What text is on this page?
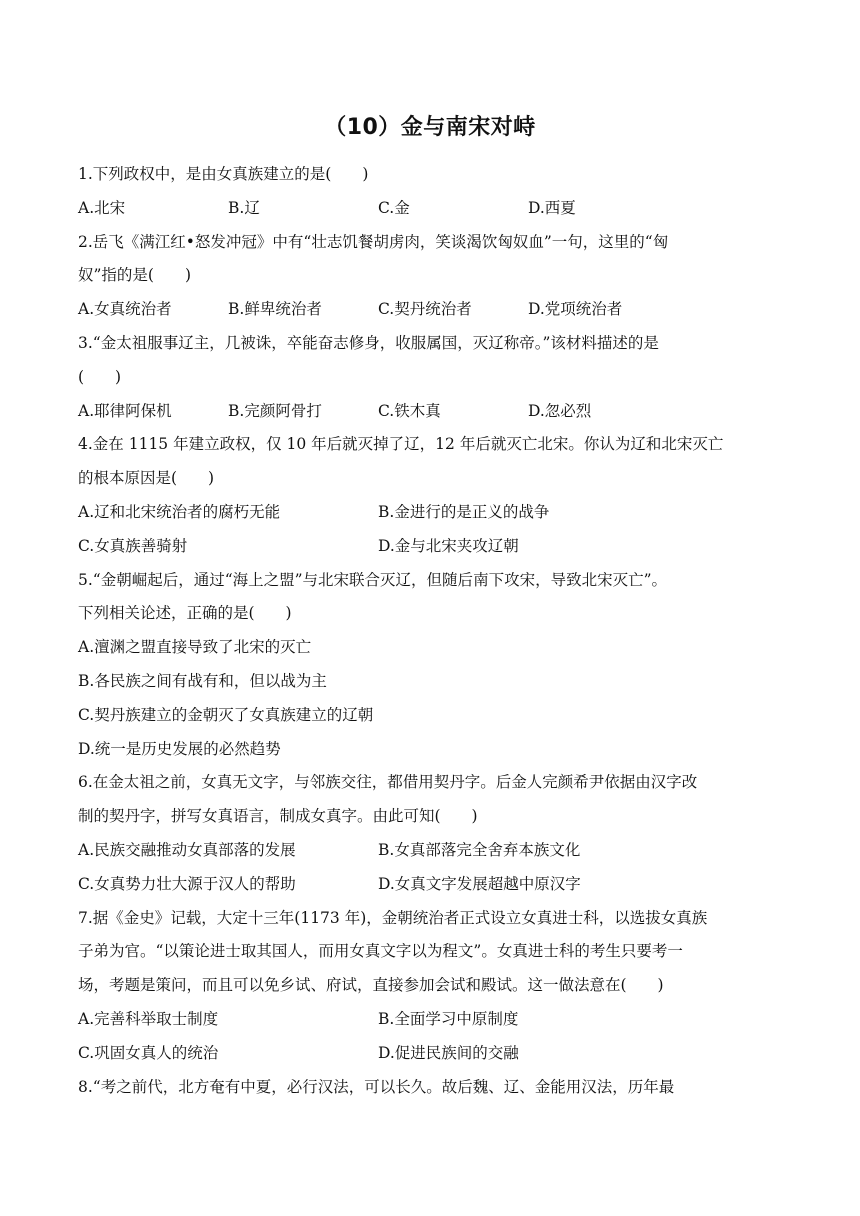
（10）金与南宋对峙
1.下列政权中，是由女真族建立的是(　　)
A.北宋	B.辽	C.金	D.西夏
2.岳飞《满江红•怒发冲冠》中有“壮志饥餐胡虏肉，笑谈渴饮匈奴血”一句，这里的“匈
奴”指的是(　　)
A.女真统治者	B.鲜卑统治者	C.契丹统治者	D.党项统治者
3.“金太祖服事辽主，几被诛，卒能奋志修身，收服属国，灭辽称帝。”该材料描述的是
(　　)
A.耶律阿保机	B.完颜阿骨打	C.铁木真	D.忽必烈
4.金在 1115 年建立政权，仅 10 年后就灭掉了辽，12 年后就灭亡北宋。你认为辽和北宋灭亡
的根本原因是(　　)
A.辽和北宋统治者的腐朽无能	B.金进行的是正义的战争
C.女真族善骑射	D.金与北宋夹攻辽朝
5.“金朝崛起后，通过“海上之盟”与北宋联合灭辽，但随后南下攻宋，导致北宋灭亡”。
下列相关论述，正确的是(　　)
A.澶渊之盟直接导致了北宋的灭亡
B.各民族之间有战有和，但以战为主
C.契丹族建立的金朝灭了女真族建立的辽朝
D.统一是历史发展的必然趋势
6.在金太祖之前，女真无文字，与邻族交往，都借用契丹字。后金人完颜希尹依据由汉字改
制的契丹字，拼写女真语言，制成女真字。由此可知(　　)
A.民族交融推动女真部落的发展	B.女真部落完全舍弃本族文化
C.女真势力壮大源于汉人的帮助	D.女真文字发展超越中原汉字
7.据《金史》记载，大定十三年(1173 年)，金朝统治者正式设立女真进士科，以选拔女真族
子弟为官。“以策论进士取其国人，而用女真文字以为程文”。女真进士科的考生只要考一
场，考题是策问，而且可以免乡试、府试，直接参加会试和殿试。这一做法意在(　　)
A.完善科举取士制度	B.全面学习中原制度
C.巩固女真人的统治	D.促进民族间的交融
8.“考之前代，北方奄有中夏，必行汉法，可以长久。故后魏、辽、金能用汉法，历年最
